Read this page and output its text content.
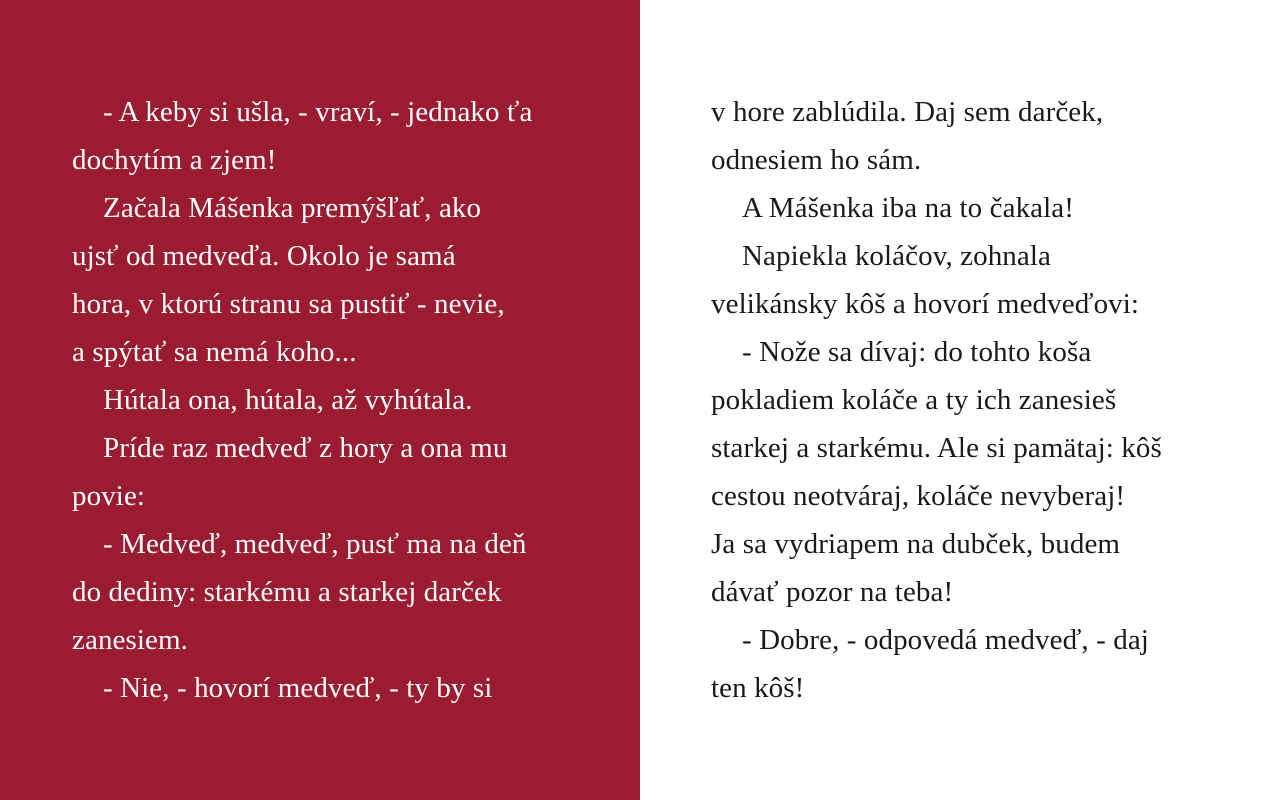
- A keby si ušla, - vraví, - jednako ťa
dochytím a zjem!
Začala Mášenka premýšľať, ako
ujsť od medveďa. Okolo je samá
hora, v ktorú stranu sa pustiť - nevie,
a spýtať sa nemá koho...
Hútala ona, hútala, až vyhútala.
Príde raz medveď z hory a ona mu
povie:
- Medveď, medveď, pusť ma na deň
do dediny: starkému a starkej darček
zanesiem.
- Nie, - hovorí medveď, - ty by si
v hore zablúdila. Daj sem darček,
odnesiem ho sám.
A Mášenka iba na to čakala!
Napiekla koláčov, zohnala
velikánsky kôš a hovorí medveďovi:
- Nože sa dívaj: do tohto koša
pokladiem koláče a ty ich zanesieš
starkej a starkému. Ale si pamätaj: kôš
cestou neotváraj, koláče nevyberaj!
Ja sa vydriapem na dubček, budem
dávať pozor na teba!
- Dobre, - odpovedá medveď, - daj
ten kôš!
